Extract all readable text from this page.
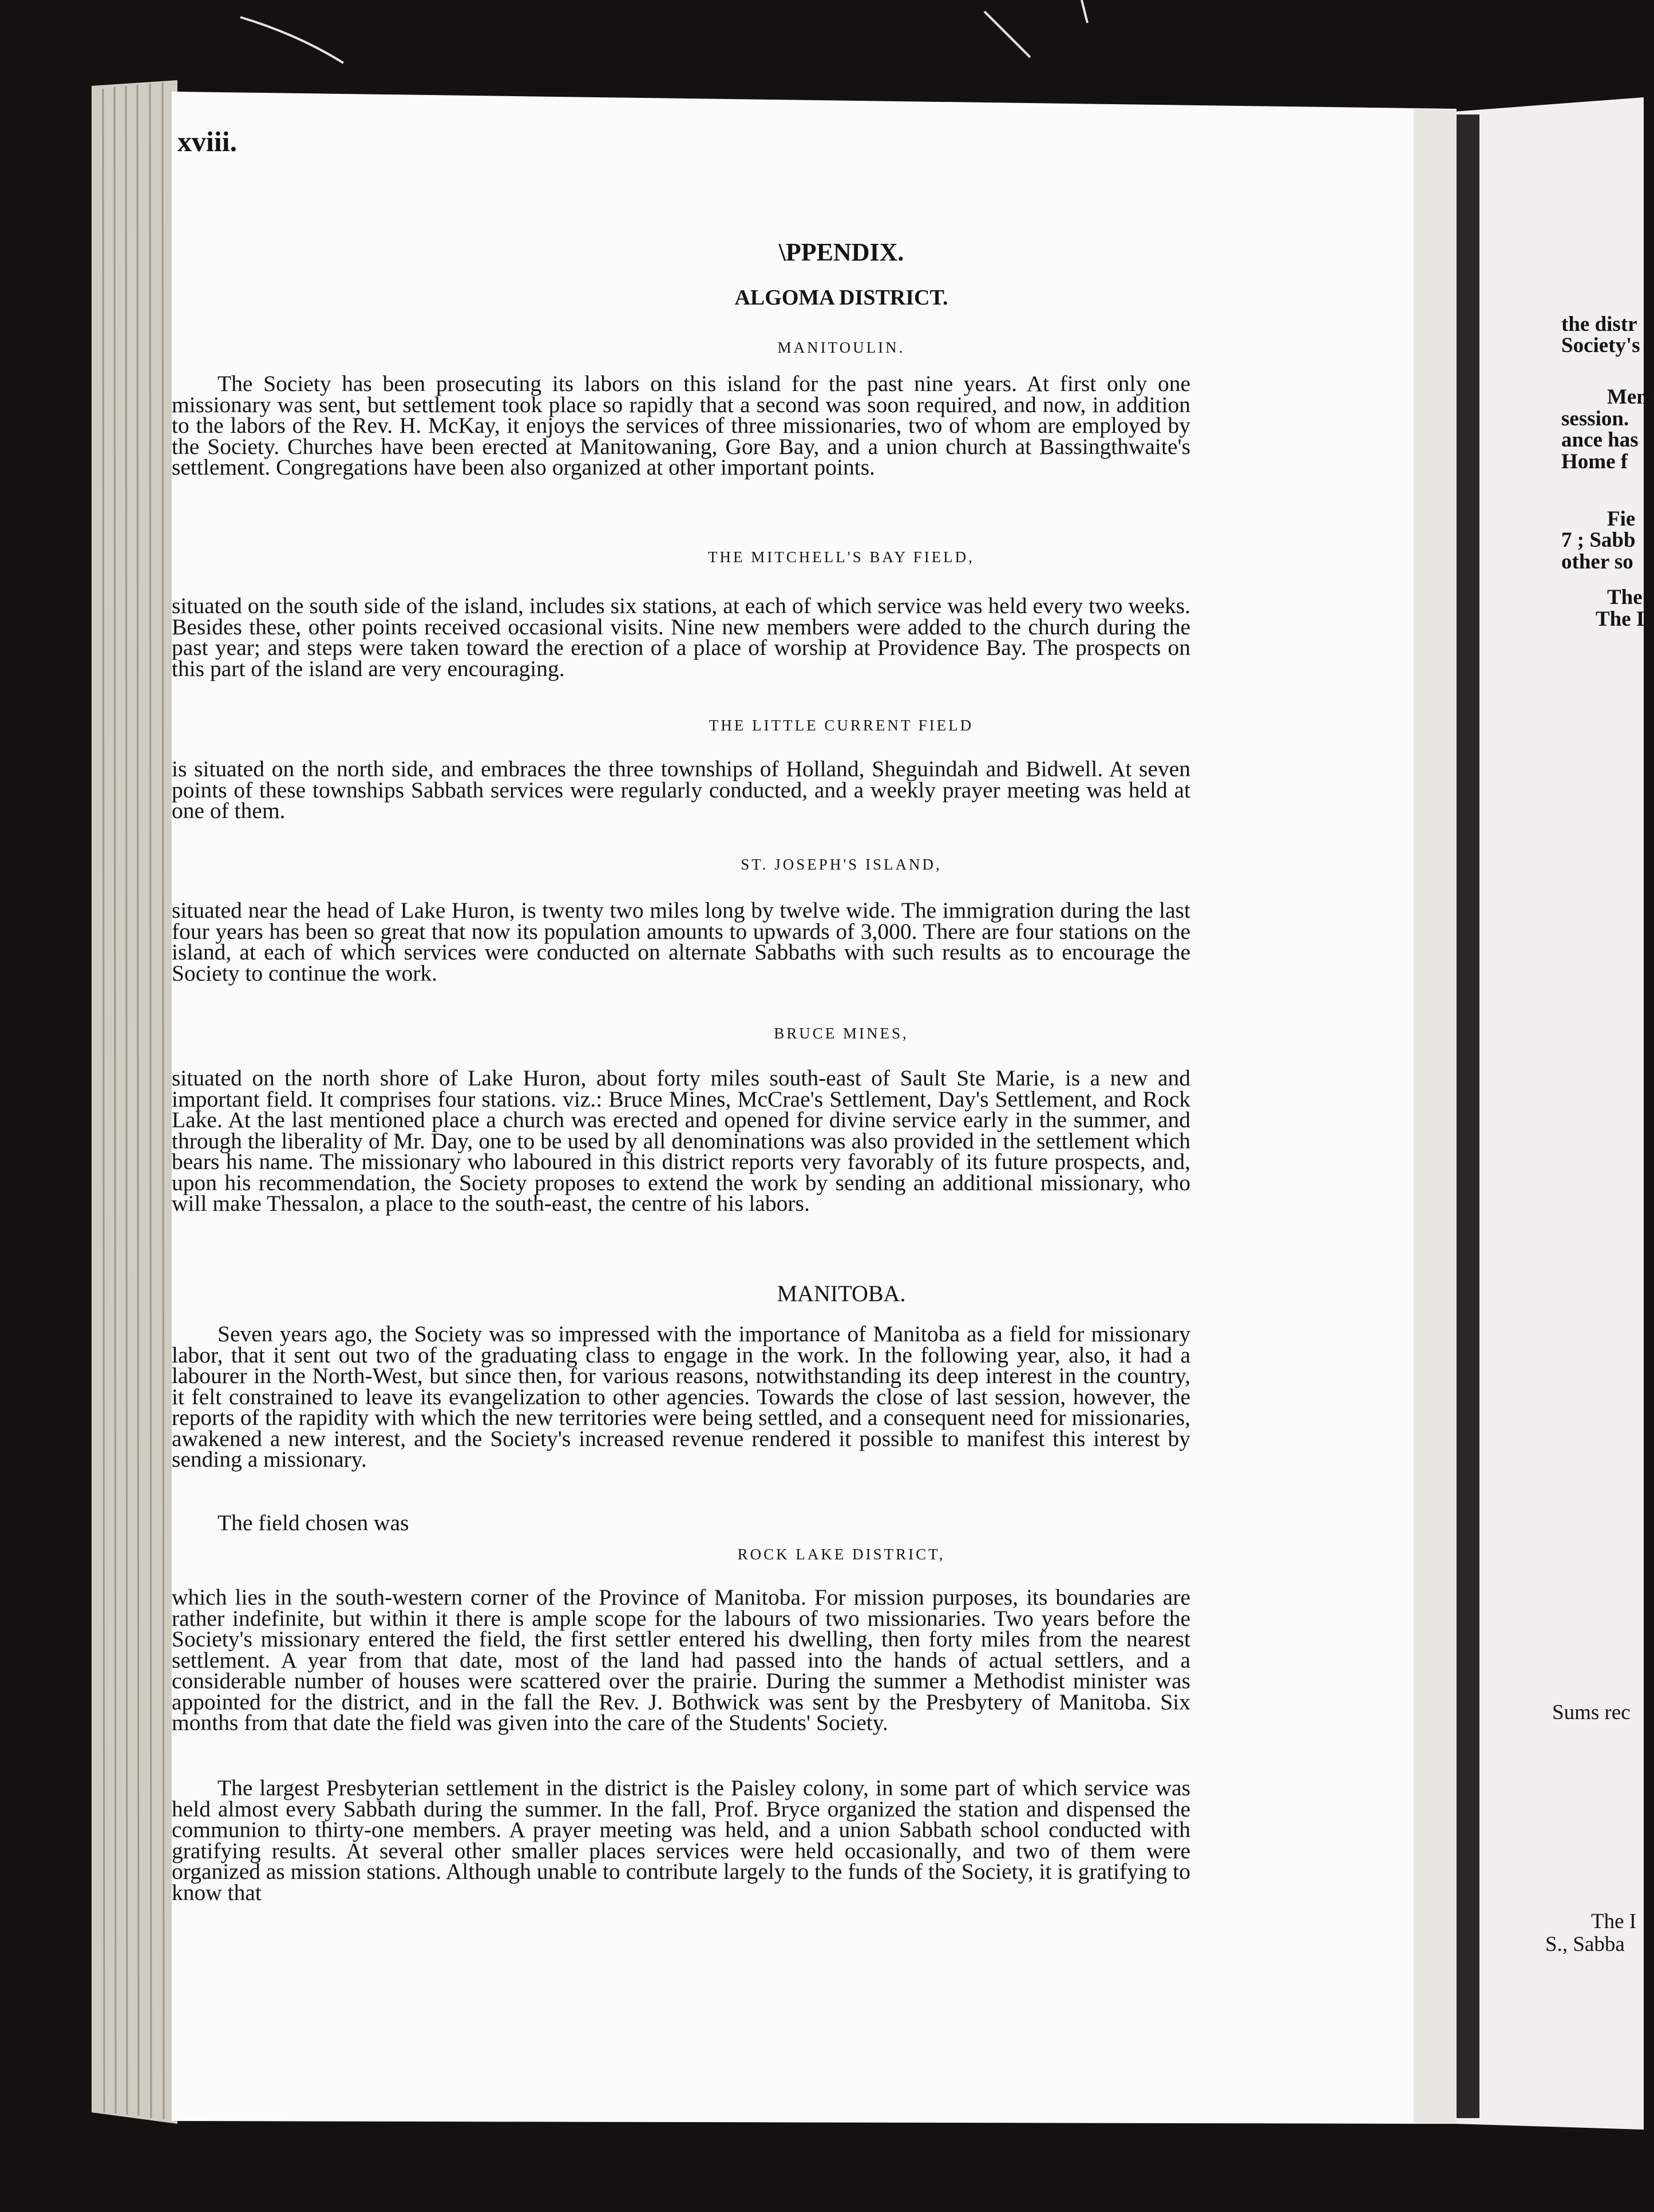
xviii.
\PPENDIX.
ALGOMA DISTRICT.
MANITOULIN.
The Society has been prosecuting its labors on this island for the past nine years. At first only one missionary was sent, but settlement took place so rapidly that a second was soon required, and now, in addition to the labors of the Rev. H. McKay, it enjoys the services of three missionaries, two of whom are employed by the Society. Churches have been erected at Manitowaning, Gore Bay, and a union church at Bassingthwaite's settlement. Congregations have been also organized at other important points.
THE MITCHELL'S BAY FIELD,
situated on the south side of the island, includes six stations, at each of which service was held every two weeks. Besides these, other points received occasional visits. Nine new members were added to the church during the past year; and steps were taken toward the erection of a place of worship at Providence Bay. The prospects on this part of the island are very encouraging.
THE LITTLE CURRENT FIELD
is situated on the north side, and embraces the three townships of Holland, Sheguindah and Bidwell. At seven points of these townships Sabbath services were regularly conducted, and a weekly prayer meeting was held at one of them.
ST. JOSEPH'S ISLAND,
situated near the head of Lake Huron, is twenty two miles long by twelve wide. The immigration during the last four years has been so great that now its population amounts to upwards of 3,000. There are four stations on the island, at each of which services were conducted on alternate Sabbaths with such results as to encourage the Society to continue the work.
BRUCE MINES,
situated on the north shore of Lake Huron, about forty miles south-east of Sault Ste Marie, is a new and important field. It comprises four stations. viz.: Bruce Mines, McCrae's Settlement, Day's Settlement, and Rock Lake. At the last mentioned place a church was erected and opened for divine service early in the summer, and through the liberality of Mr. Day, one to be used by all denominations was also provided in the settlement which bears his name. The missionary who laboured in this district reports very favorably of its future prospects, and, upon his recommendation, the Society proposes to extend the work by sending an additional missionary, who will make Thessalon, a place to the south-east, the centre of his labors.
MANITOBA.
Seven years ago, the Society was so impressed with the importance of Manitoba as a field for missionary labor, that it sent out two of the graduating class to engage in the work. In the following year, also, it had a labourer in the North-West, but since then, for various reasons, notwithstanding its deep interest in the country, it felt constrained to leave its evangelization to other agencies. Towards the close of last session, however, the reports of the rapidity with which the new territories were being settled, and a consequent need for missionaries, awakened a new interest, and the Society's increased revenue rendered it possible to manifest this interest by sending a missionary.
The field chosen was
ROCK LAKE DISTRICT,
which lies in the south-western corner of the Province of Manitoba. For mission purposes, its boundaries are rather indefinite, but within it there is ample scope for the labours of two missionaries. Two years before the Society's missionary entered the field, the first settler entered his dwelling, then forty miles from the nearest settlement. A year from that date, most of the land had passed into the hands of actual settlers, and a considerable number of houses were scattered over the prairie. During the summer a Methodist minister was appointed for the district, and in the fall the Rev. J. Bothwick was sent by the Presbytery of Manitoba. Six months from that date the field was given into the care of the Students' Society.
The largest Presbyterian settlement in the district is the Paisley colony, in some part of which service was held almost every Sabbath during the summer. In the fall, Prof. Bryce organized the station and dispensed the communion to thirty-one members. A prayer meeting was held, and a union Sabbath school conducted with gratifying results. At several other smaller places services were held occasionally, and two of them were organized as mission stations. Although unable to contribute largely to the funds of the Society, it is gratifying to know that
the distr
Society's
Mem
session.
ance has
Home f
Fie
7 ; Sabb
other so
The
The I
Sums rec
The I
S., Sabba
